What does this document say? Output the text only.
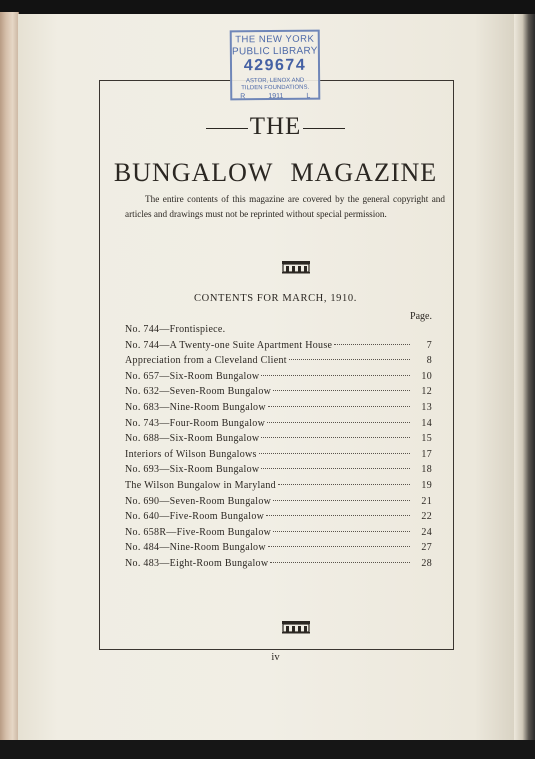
THE NEW YORK
PUBLIC LIBRARY
429674
ASTOR, LENOX AND
TILDEN FOUNDATIONS.
R	1911	L
THE
BUNGALOW MAGAZINE
The entire contents of this magazine are covered by the general copyright and articles and drawings must not be reprinted without special permission.
CONTENTS FOR MARCH, 1910.
Page.
No. 744—Frontispiece.
No. 744—A Twenty-one Suite Apartment House	7
Appreciation from a Cleveland Client	8
No. 657—Six-Room Bungalow	10
No. 632—Seven-Room Bungalow	12
No. 683—Nine-Room Bungalow	13
No. 743—Four-Room Bungalow	14
No. 688—Six-Room Bungalow	15
Interiors of Wilson Bungalows	17
No. 693—Six-Room Bungalow	18
The Wilson Bungalow in Maryland	19
No. 690—Seven-Room Bungalow	21
No. 640—Five-Room Bungalow	22
No. 658R—Five-Room Bungalow	24
No. 484—Nine-Room Bungalow	27
No. 483—Eight-Room Bungalow	28
iv
